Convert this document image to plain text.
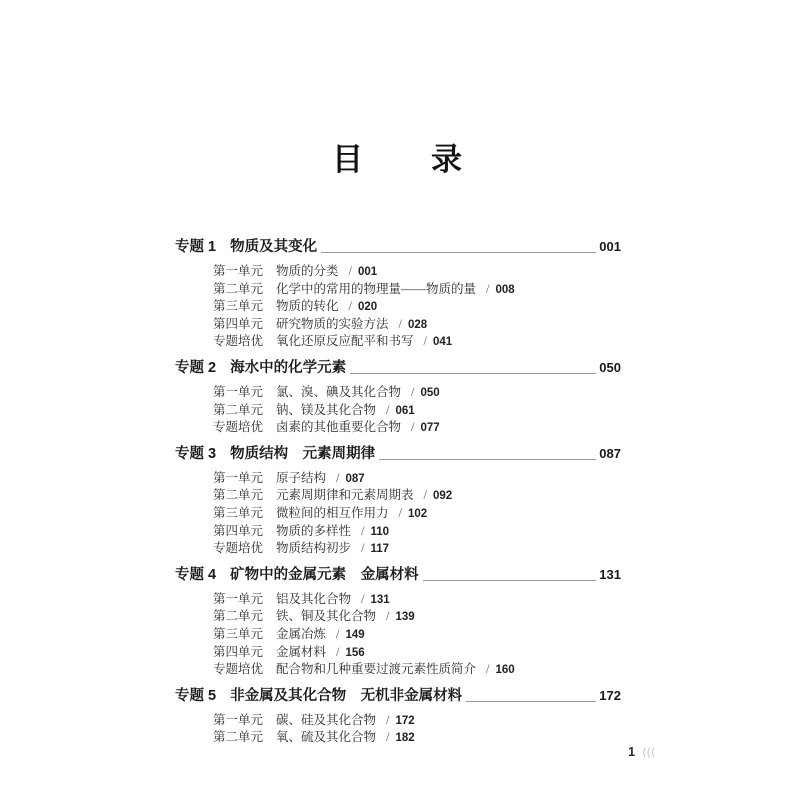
目　　录
专题 1 物质及其变化	001
第一单元 物质的分类 / 001
第二单元 化学中的常用的物理量——物质的量 / 008
第三单元 物质的转化 / 020
第四单元 研究物质的实验方法 / 028
专题培优 氧化还原反应配平和书写 / 041
专题 2 海水中的化学元素	050
第一单元 氯、溴、碘及其化合物 / 050
第二单元 钠、镁及其化合物 / 061
专题培优 卤素的其他重要化合物 / 077
专题 3 物质结构　元素周期律	087
第一单元 原子结构 / 087
第二单元 元素周期律和元素周期表 / 092
第三单元 微粒间的相互作用力 / 102
第四单元 物质的多样性 / 110
专题培优 物质结构初步 / 117
专题 4 矿物中的金属元素　金属材料	131
第一单元 铝及其化合物 / 131
第二单元 铁、铜及其化合物 / 139
第三单元 金属冶炼 / 149
第四单元 金属材料 / 156
专题培优 配合物和几种重要过渡元素性质简介 / 160
专题 5 非金属及其化合物　无机非金属材料	172
第一单元 碳、硅及其化合物 / 172
第二单元 氧、硫及其化合物 / 182
1 ⟨⟨⟨
